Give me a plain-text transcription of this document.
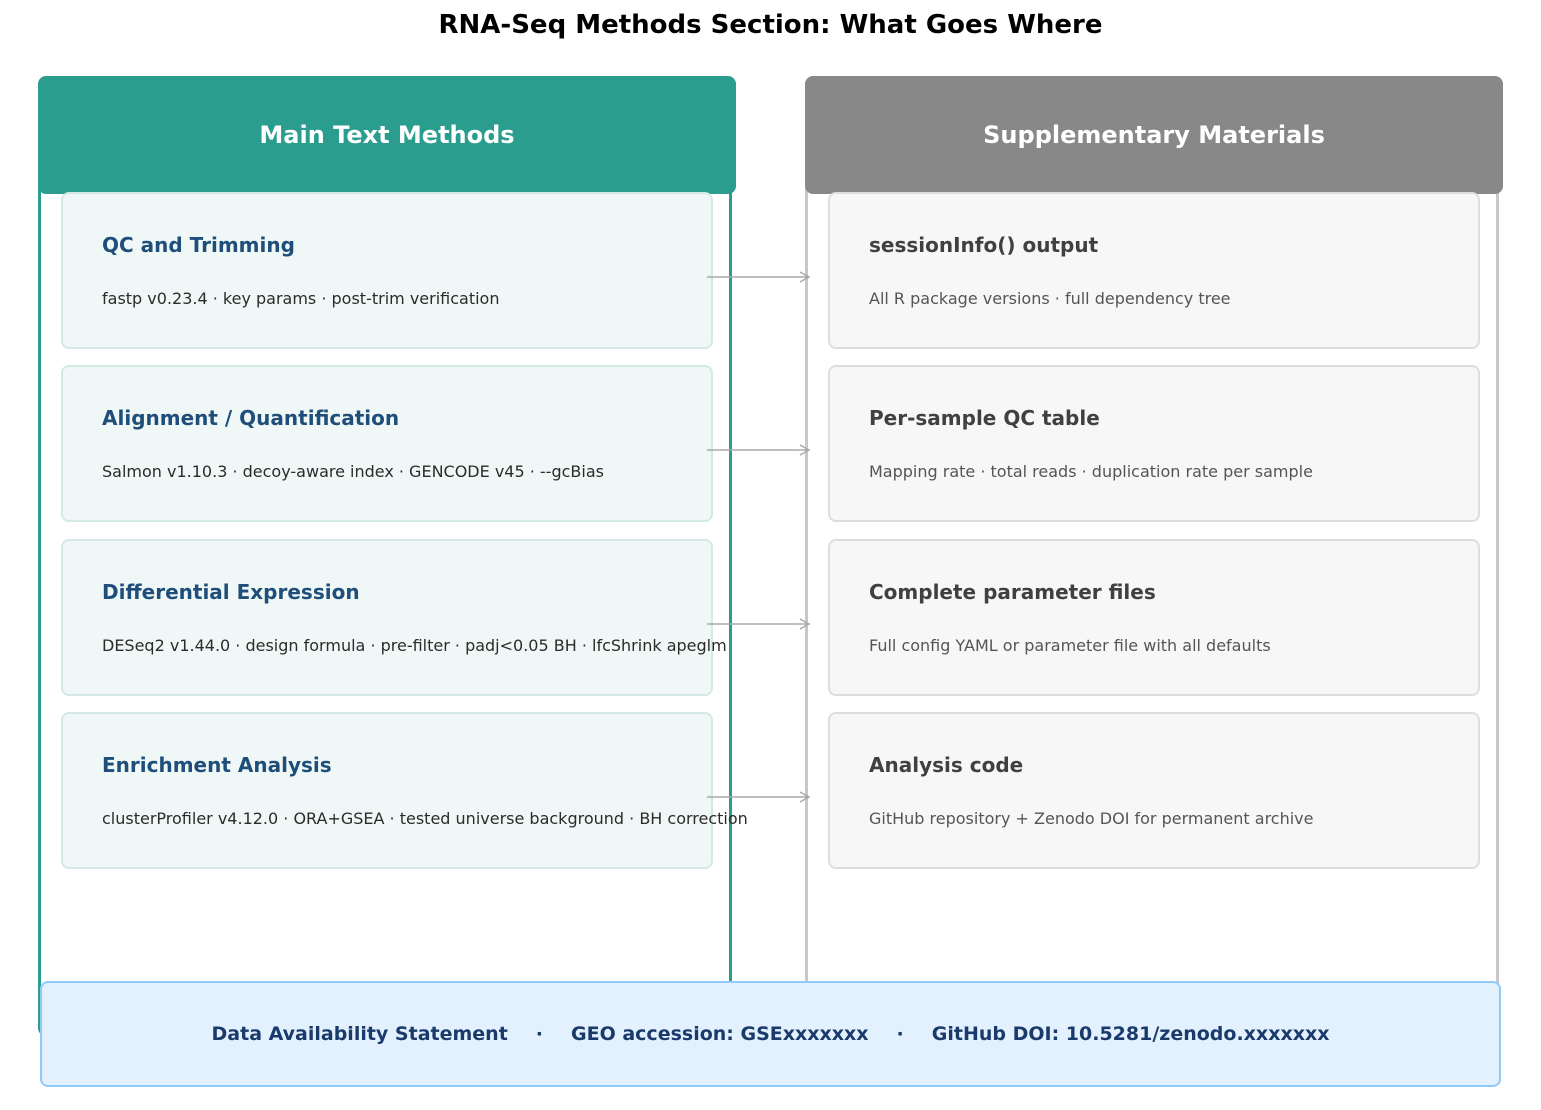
RNA-Seq Methods Section: What Goes Where
Main Text Methods
QC and Trimming
fastp v0.23.4 · key params · post-trim verification
Alignment / Quantification
Salmon v1.10.3 · decoy-aware index · GENCODE v45 · --gcBias
Differential Expression
DESeq2 v1.44.0 · design formula · pre-filter · padj<0.05 BH · lfcShrink apeglm
Enrichment Analysis
clusterProfiler v4.12.0 · ORA+GSEA · tested universe background · BH correction
Supplementary Materials
sessionInfo() output
All R package versions · full dependency tree
Per-sample QC table
Mapping rate · total reads · duplication rate per sample
Complete parameter files
Full config YAML or parameter file with all defaults
Analysis code
GitHub repository + Zenodo DOI for permanent archive
Data Availability Statement	·	GEO accession: GSExxxxxxx	·	GitHub DOI: 10.5281/zenodo.xxxxxxx
